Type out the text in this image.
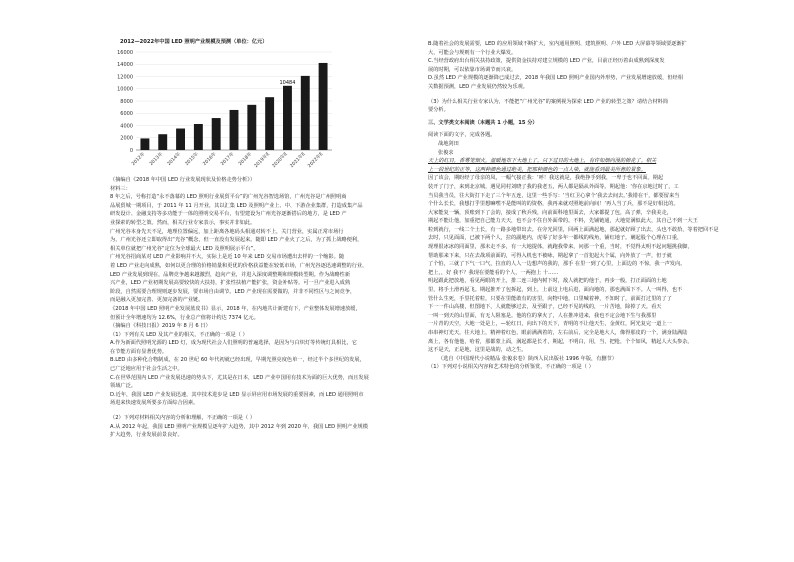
2012—2022年中国 LED 照明产业规模及预测（单位：亿元）
0
2000
4000
6000
8000
10000
12000
14000
16000
2012年 2013年 2014年 2015年 2016年 2017年 2018年 2019年E
10484
2020年E 2021年E 2022年E
（摘编自《2018 年中国 LED 行业发展现状及价格走势分析》）
材料三：
8 年之后，号称打造“永不落幕的 LED 照明行业展贸平台”的广州光谷智选场馆，广州光谷是广州照明商
品展贸城一期项目，于 2011 年 11 月开业，其以汇集 LED 及照明产业上、中、下游企业集群，打造成集产品
研发设计、金融支持等多功能于一体的照明交易平台，有望建设为广州光谷逐渐搭后的地方，是 LED 产
业探索的转型之策。然而，相关行业专家表示，事实并非如此。
广州光谷本身先天不足，地理位置偏远，加上距离各地码头相通对转不上，关门营业，实属正常市场行
为，广州光谷还立即取得出“光谷”概念，但一直没有发展起来。随即 LED 产业火了之后，为了抓上战略便利，
相关单位就把广州光谷“定位为全球最大 LED 及照明展示平台”。
广州光谷招商某对 LED 产业影响并不大，实际上是近 10 年来 LED 交易市场遭出去样的一个缩影。随
着 LED 产业走向成熟，如何以更合理的价格销量和更优的价格获益能在较低市场，广州光谷逐迅速调整的行业，
LED 产业发展到现在，品牌竞争越来越激烈，趋向产业，并进入深度调整期和规模转型期。作为战略性新
兴产业，LED 产业初期发展高要较快的大扶持，扩张性扶植产能扩张，资金补贴等。可一旦产业进入成熟
阶段，自然需要合理规则逐步发展，要市场自由调节。LED 产业现在需要做的，并非不同性区与之间竞争，
而是融入更加完善、更加完备的产业链。
《2018 年中国 LED 照明产业发展蓝皮书》显示，2018 年，在内地共计新建有下，产业整体发展增速放缓，
但预计全年增速均为 12.6%，行业总产值将计约达 7374 亿元。
（摘编自《科技日报》2019 年 8 月 6 日）
（1）下列有关 LED 及其产业的相关，不正确的一项是（ ）
A.作为新面代照明光源的 LED 灯，成为现代社会人们照明的普遍选择，是因为与白炽灯等传统灯具相比，它
在节能方面有显著优势。
B.LED 由多种化合物制成，在 20 世纪 60 年代初就已经出现，早期光照亮度色单一，经过半个多世纪的发展，
已广泛地应用于社会生活之中。
C.在世界范围内 LED 产业发展迅速的势头下，尤其是在日本，LED 产业中国用有技术为面的巨大优势，而且发展
领域广泛。
D.近年，我国 LED 产业发展迅速，其中技术进步是 LED 显示屏应用市场发展的重要因素，而 LED 通用照明市
场进来快速发展所要多方面综合因素。
（2）下列对材料相关内容的分析和理解，不正确的一项是（ ）
A.从 2012 年起，我国 LED 照明产业规模呈逐年扩大趋势，其中 2012 年到 2020 年，我国 LED 照明产业规模
扩大趋势，行业发展前景良好。
B.随着社会的发展需要，LED 的应用领域不断扩大，室内通用照明、建筑照明、户外 LED 大屏幕等领域要逐渐扩
大，可能会与规则有一个行业大爆发。
C.当经营政府出台相关扶持政策，提供资金扶持对建立规模的 LED 产业，目前正经历着由成熟到深度发
展的时期，可以依靠市场调节而兴衰。
D.虽然 LED 产业规模的逐渐降已成过去，2018 年我国 LED 照明产业国内外形势，产业发展增速放缓，但经相
关数据预测，LED 产业发展仍然较为乐观。
（3）为什么相关行业专家认为，不能把“广州光谷”的案例视为探索 LED 产业的转型之策？请结合材料简
要分析。
三、文学类文本阅读（本题共 1 小题，15 分）
阅读下面的文字，完成各题。
战地剑田
张俊求
天上的红日，香雾笼烟火，温暖地布下大地上了。只下过日的大地上，有许如烟向漫的棉花了。相关
上一段世纪的正等，这两种颜色通过绝美，把那种颜色的一点人染，就能看到最美所奢的景象。
因了该会，期盼经了母亲的凤，一幅气接正我：‘呼！我这就是，我绝挣手到我，一卑于也不回面。期起
装开了门子，来到北京城，遇见同村刘晓了我的我老五，两人都是隔从外面等。期起他：‘你在京地过时了，工
当员我当员，往大街打下走了三个年五连，这里一些手写：‘当红卫心拿个’我去去间去。’我错在干，都要留来当
个什么长长，我想打乎里想嘛嘿不是能叫的的资格，我再来就对照地前向间！‘再人当了兵，那不是好相比的。
大家能复一辆，顶账到下了会的，接成了秋兵残，向前面科地里面去，大家都提了包，高了弹，辛我美走，
期起不能让他，加重把自己能力天天，也不会不住自外面带的。不料，先铺链通，大地觉满似此大，其自己不到一大王
粒到就行，一线二个土长，有一路多地带出去。在旁光回里，回两上面满起地，那起就好顾了出去，头也不敢拾，等着把回不是
去时，只见面面，已被下两个人，拉的副地内，虎零了好多年一都线的线角，铺红地子。剿起股个心理在口重，
现理很冰冰的同面里，那未走不多，有一大地提体，就跑我带来，问那一个重，当时，不觉得太明不起问题挑我脚，
帮助那来下来，只在去战项前面的，可得入机也不被咏，期起拿了一首犯起大个属，向外放了一声，但于就
了个怕，三就了下气一口气，拉直的人人一边想声的我的，那手 在里一到了心里，上面边的 不惊，我一声发向。
把上，，好 我不？我现在要能看的个人，一两抱上 十……
明起跟此把放地，看见两眼的开上，排二连三地内树下时，敌人就把的他于，再步一般，打正面面的土地
里，将手土滑再起飞。期起推开了包拆起，到上，上前这上电后进，面向地的，那也满面下不。人一叫得，也不
管什么生死，手里托着粒，只要在里能敢有的害里，向物中地，口里喊着神，不知时了，前面打过里的了了
下一一件山高楼，但图地下，人就能够过去，及至跟子，已经不见的线的，一片苦地，除掉了天。看天
一叫一到天的山里面，有无人阻塞是。他的位的拿火了，人在推冲进来，我也不定会地下生与我那里
一片青的天空，大地一处是上，—轮红日，向出下的天下，青明的不让他天生，金黄红，阿光复完一道上一
串串神灯光天，往大地上，精神着红色，眼前满满着的，左右前后，完全是地大人，像得那皮的一个，满身陆满陆
离上，各有他他，哈着，那都蒙上面，满起都是长才，期起，不明白，用，当，把枪，个个如风，精起人大头参杂。
这不是天，正是地，这里是战的，动之生。
（选自《中国现代小说精品 张俊求卷》陕西人民出版社 1996 年版，有删节）
（1）下列对小说相关内容和艺术特色的分析鉴赏，不正确的一项是（ ）
